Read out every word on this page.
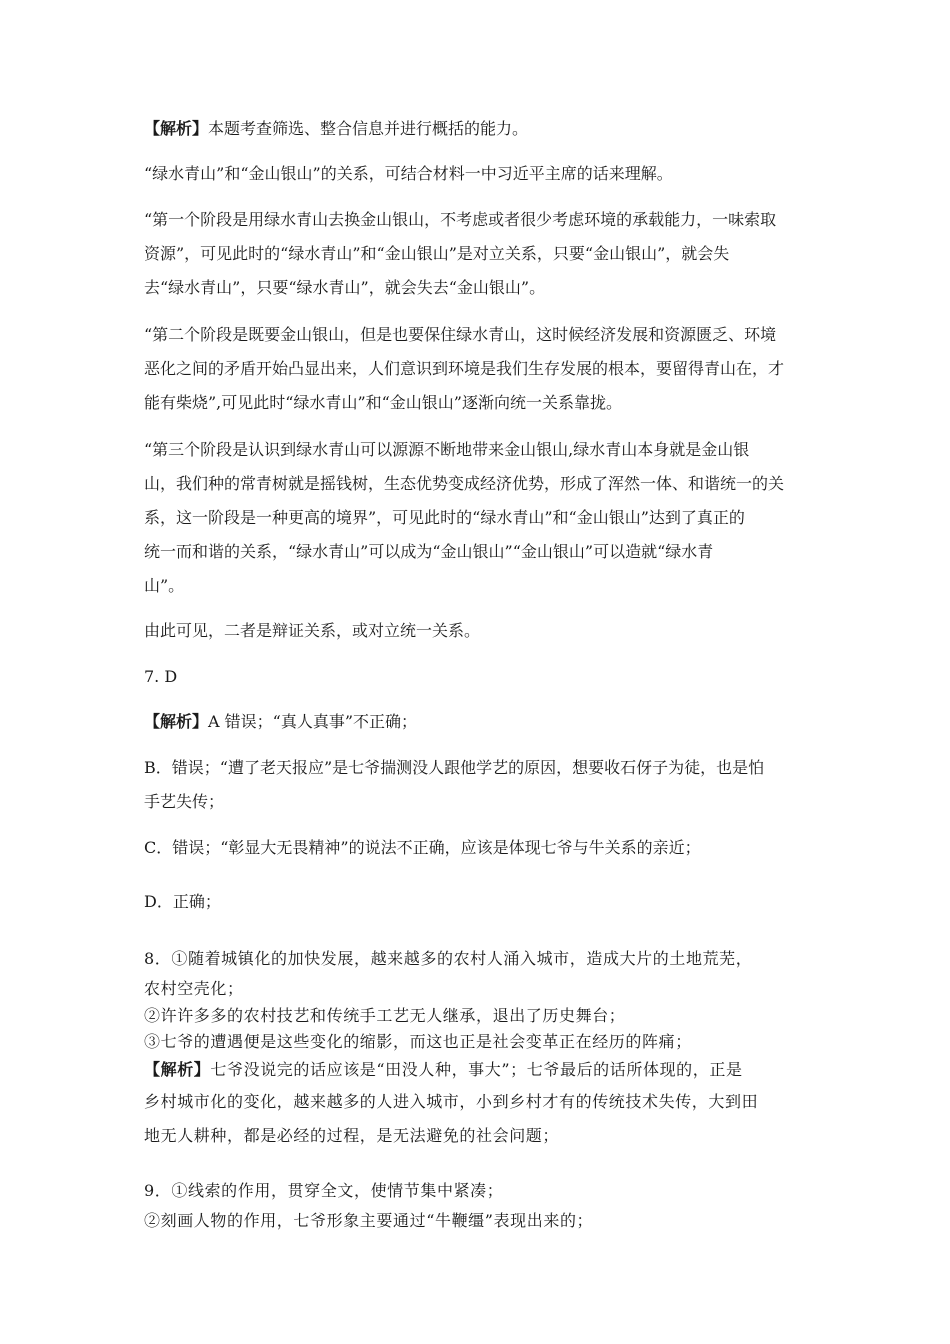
【解析】本题考查筛选、整合信息并进行概括的能力。

“绿水青山”和“金山银山”的关系，可结合材料一中习近平主席的话来理解。

“第一个阶段是用绿水青山去换金山银山，不考虑或者很少考虑环境的承载能力，一味索取
资源”，可见此时的“绿水青山”和“金山银山”是对立关系，只要“金山银山”，就会失
去“绿水青山”，只要“绿水青山”，就会失去“金山银山”。

“第二个阶段是既要金山银山，但是也要保住绿水青山，这时候经济发展和资源匮乏、环境
恶化之间的矛盾开始凸显出来，人们意识到环境是我们生存发展的根本，要留得青山在，才
能有柴烧”,可见此时“绿水青山”和“金山银山”逐渐向统一关系靠拢。

“第三个阶段是认识到绿水青山可以源源不断地带来金山银山,绿水青山本身就是金山银
山，我们种的常青树就是摇钱树，生态优势变成经济优势，形成了浑然一体、和谐统一的关
系，这一阶段是一种更高的境界”，可见此时的“绿水青山”和“金山银山”达到了真正的
统一而和谐的关系，“绿水青山”可以成为“金山银山”“金山银山”可以造就“绿水青
山”。

由此可见，二者是辩证关系，或对立统一关系。

7. D

【解析】A 错误；“真人真事”不正确；

B．错误；“遭了老天报应”是七爷揣测没人跟他学艺的原因，想要收石伢子为徒，也是怕
手艺失传；

C．错误；“彰显大无畏精神”的说法不正确，应该是体现七爷与牛关系的亲近；

D．正确；

8．①随着城镇化的加快发展，越来越多的农村人涌入城市，造成大片的土地荒芜，
农村空壳化；
②许许多多的农村技艺和传统手工艺无人继承，退出了历史舞台；
③七爷的遭遇便是这些变化的缩影，而这也正是社会变革正在经历的阵痛；
【解析】七爷没说完的话应该是“田没人种，事大”；七爷最后的话所体现的，正是
乡村城市化的变化，越来越多的人进入城市，小到乡村才有的传统技术失传，大到田
地无人耕种，都是必经的过程，是无法避免的社会问题；
9．①线索的作用，贯穿全文，使情节集中紧凑；
②刻画人物的作用，七爷形象主要通过“牛鞭缰”表现出来的；
